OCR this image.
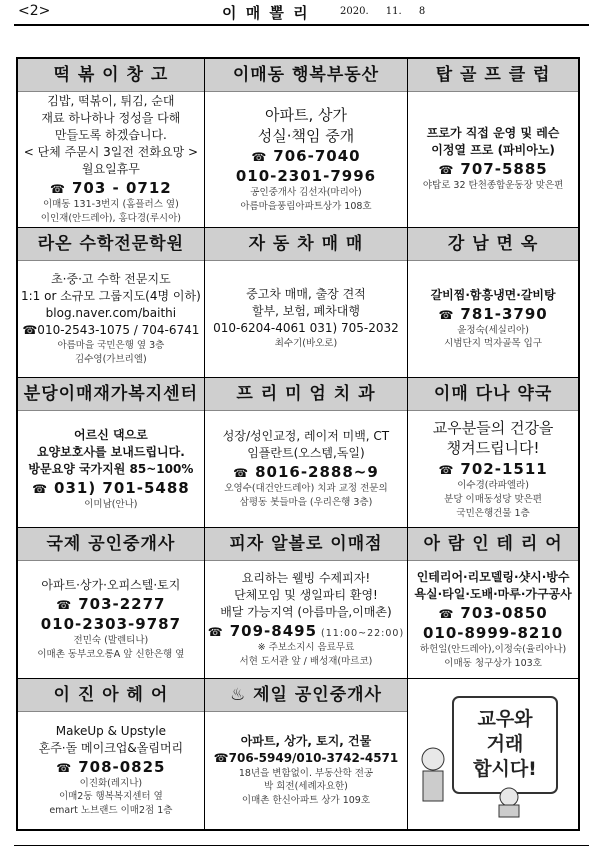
<2>	이 매 뽈 리	2020. 11. 8
떡 볶 이 창 고
김밥, 떡볶이, 튀김, 순대
재료 하나하나 정성을 다해
만들도록 하겠습니다.
< 단체 주문시 3일전 전화요망 >
월요일휴무
☎ 703 - 0712
이매동 131-3번지 (홈플러스 옆)
이인재(안드레아), 홍다경(루시아)
이매동 행복부동산
아파트, 상가
성실·책임 중개
☎ 706-7040
010-2301-7996
공인중개사 김선자(마리아)
아름마을풍림아파트상가 108호
탑 골 프 클 럽
프로가 직접 운영 및 레슨
이정열 프로 (파비아노)
☎ 707-5885
야탑로 32 탄천종합운동장 맞은편
라온 수학전문학원
초·중·고 수학 전문지도
1:1 or 소규모 그룹지도(4명 이하)
blog.naver.com/baithi
☎010-2543-1075 / 704-6741
아름마을 국민은행 옆 3층
김수영(가브리엘)
자 동 차 매 매
중고차 매매, 출장 견적
할부, 보험, 폐차대행
010-6204-4061 031) 705-2032
최수기(바오로)
강 남 면 옥
갈비찜·함흥냉면·갈비탕
☎ 781-3790
윤정숙(세실리아)
시범단지 먹자골목 입구
분당이매재가복지센터
어르신 댁으로
요양보호사를 보내드립니다.
방문요양 국가지원 85~100%
☎ 031) 701-5488
이미남(안나)
프 리 미 엄 치 과
성장/성인교정, 레이저 미백, CT
임플란트(오스템,독일)
☎ 8016-2888~9
오영수(대건안드레아) 치과 교정 전문의
삼평동 봇들마을 (우리은행 3층)
이매 다나 약국
교우분들의 건강을
챙겨드립니다!
☎ 702-1511
이수경(라파엘라)
분당 이매동성당 맞은편
국민은행건물 1층
국제 공인중개사
아파트·상가·오피스텔·토지
☎ 703-2277
010-2303-9787
전민숙 (발렌티나)
이매촌 동부코오롱A 앞 신한은행 옆
피자 알볼로 이매점
요리하는 웰빙 수제피자!
단체모임 및 생일파티 환영!
배달 가능지역 (아름마을,이매촌)
☎ 709-8495 (11:00~22:00)
※ 주보소지시 음료무료
서현 도서관 앞 / 배성재(마르코)
아 람 인 테 리 어
인테리어·리모델링·샷시·방수
욕실·타일·도배·마루·가구공사
☎ 703-0850
010-8999-8210
하헌일(안드레아),이정숙(율리아나)
이매동 청구상가 103호
이 진 아 헤 어
MakeUp & Upstyle
혼주·돌 메이크업&올림머리
☎ 708-0825
이진화(레지나)
이매2동 행복복지센터 옆
emart 노브랜드 이매2점 1층
♨ 제일 공인중개사
아파트, 상가, 토지, 건물
☎706-5949/010-3742-4571
18년을 변함없이. 부동산학 전공
박 희전(세례자요한)
이매촌 한신아파트 상가 109호
교우와
거래
합시다!
